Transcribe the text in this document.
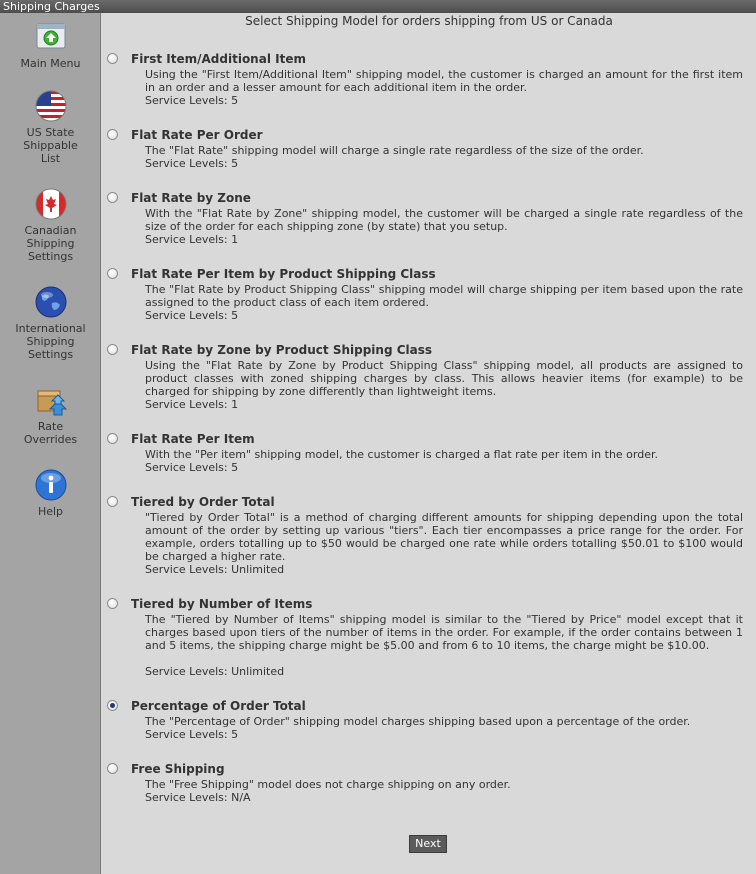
Shipping Charges
Main Menu
US State
Shippable
List
Canadian
Shipping
Settings
International
Shipping
Settings
Rate
Overrides
Help
Select Shipping Model for orders shipping from US or Canada
First Item/Additional Item
Using the "First Item/Additional Item" shipping model, the customer is charged an amount for the first item in an order and a lesser amount for each additional item in the order.
Service Levels: 5
Flat Rate Per Order
The "Flat Rate" shipping model will charge a single rate regardless of the size of the order.
Service Levels: 5
Flat Rate by Zone
With the "Flat Rate by Zone" shipping model, the customer will be charged a single rate regardless of the size of the order for each shipping zone (by state) that you setup.
Service Levels: 1
Flat Rate Per Item by Product Shipping Class
The "Flat Rate by Product Shipping Class" shipping model will charge shipping per item based upon the rate assigned to the product class of each item ordered.
Service Levels: 5
Flat Rate by Zone by Product Shipping Class
Using the "Flat Rate by Zone by Product Shipping Class" shipping model, all products are assigned to product classes with zoned shipping charges by class. This allows heavier items (for example) to be charged for shipping by zone differently than lightweight items.
Service Levels: 1
Flat Rate Per Item
With the "Per item" shipping model, the customer is charged a flat rate per item in the order.
Service Levels: 5
Tiered by Order Total
"Tiered by Order Total" is a method of charging different amounts for shipping depending upon the total amount of the order by setting up various "tiers". Each tier encompasses a price range for the order. For example, orders totalling up to $50 would be charged one rate while orders totalling $50.01 to $100 would be charged a higher rate.
Service Levels: Unlimited
Tiered by Number of Items
The "Tiered by Number of Items" shipping model is similar to the "Tiered by Price" model except that it charges based upon tiers of the number of items in the order. For example, if the order contains between 1 and 5 items, the shipping charge might be $5.00 and from 6 to 10 items, the charge might be $10.00.
Service Levels: Unlimited
Percentage of Order Total
The "Percentage of Order" shipping model charges shipping based upon a percentage of the order.
Service Levels: 5
Free Shipping
The "Free Shipping" model does not charge shipping on any order.
Service Levels: N/A
Next
